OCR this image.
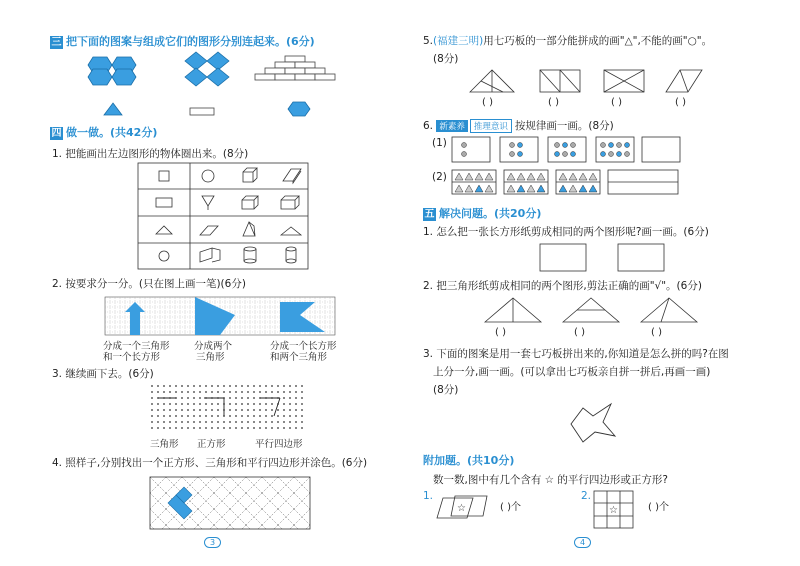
三 把下面的图案与组成它们的图形分别连起来。(6分)
四 做一做。(共42分)
1. 把能画出左边图形的物体圈出来。(8分)
2. 按要求分一分。(只在图上画一笔)(6分)
分成一个三角形
和一个长方形
分成两个
三角形
分成一个长方形
和两个三角形
3. 继续画下去。(6分)
三角形 正方形	平行四边形
4. 照样子,分别找出一个正方形、三角形和平行四边形并涂色。(6分)
3
5.(福建三明)用七巧板的一部分能拼成的画"△",不能的画"○"。
(8分)
( )	( )	( )	( )
6. 新素养 推理意识 按规律画一画。(8分)
(1)
(2)
五 解决问题。(共20分)
1. 怎么把一张长方形纸剪成相同的两个图形呢?画一画。(6分)
2. 把三角形纸剪成相同的两个图形,剪法正确的画"√"。(6分)
( )	( )	( )
3. 下面的图案是用一套七巧板拼出来的,你知道是怎么拼的吗?在图
上分一分,画一画。(可以拿出七巧板亲自拼一拼后,再画一画)
(8分)
附加题。(共10分)
数一数,图中有几个含有 ☆ 的平行四边形或正方形?
1.
☆	( )个
2.
☆	( )个
4
